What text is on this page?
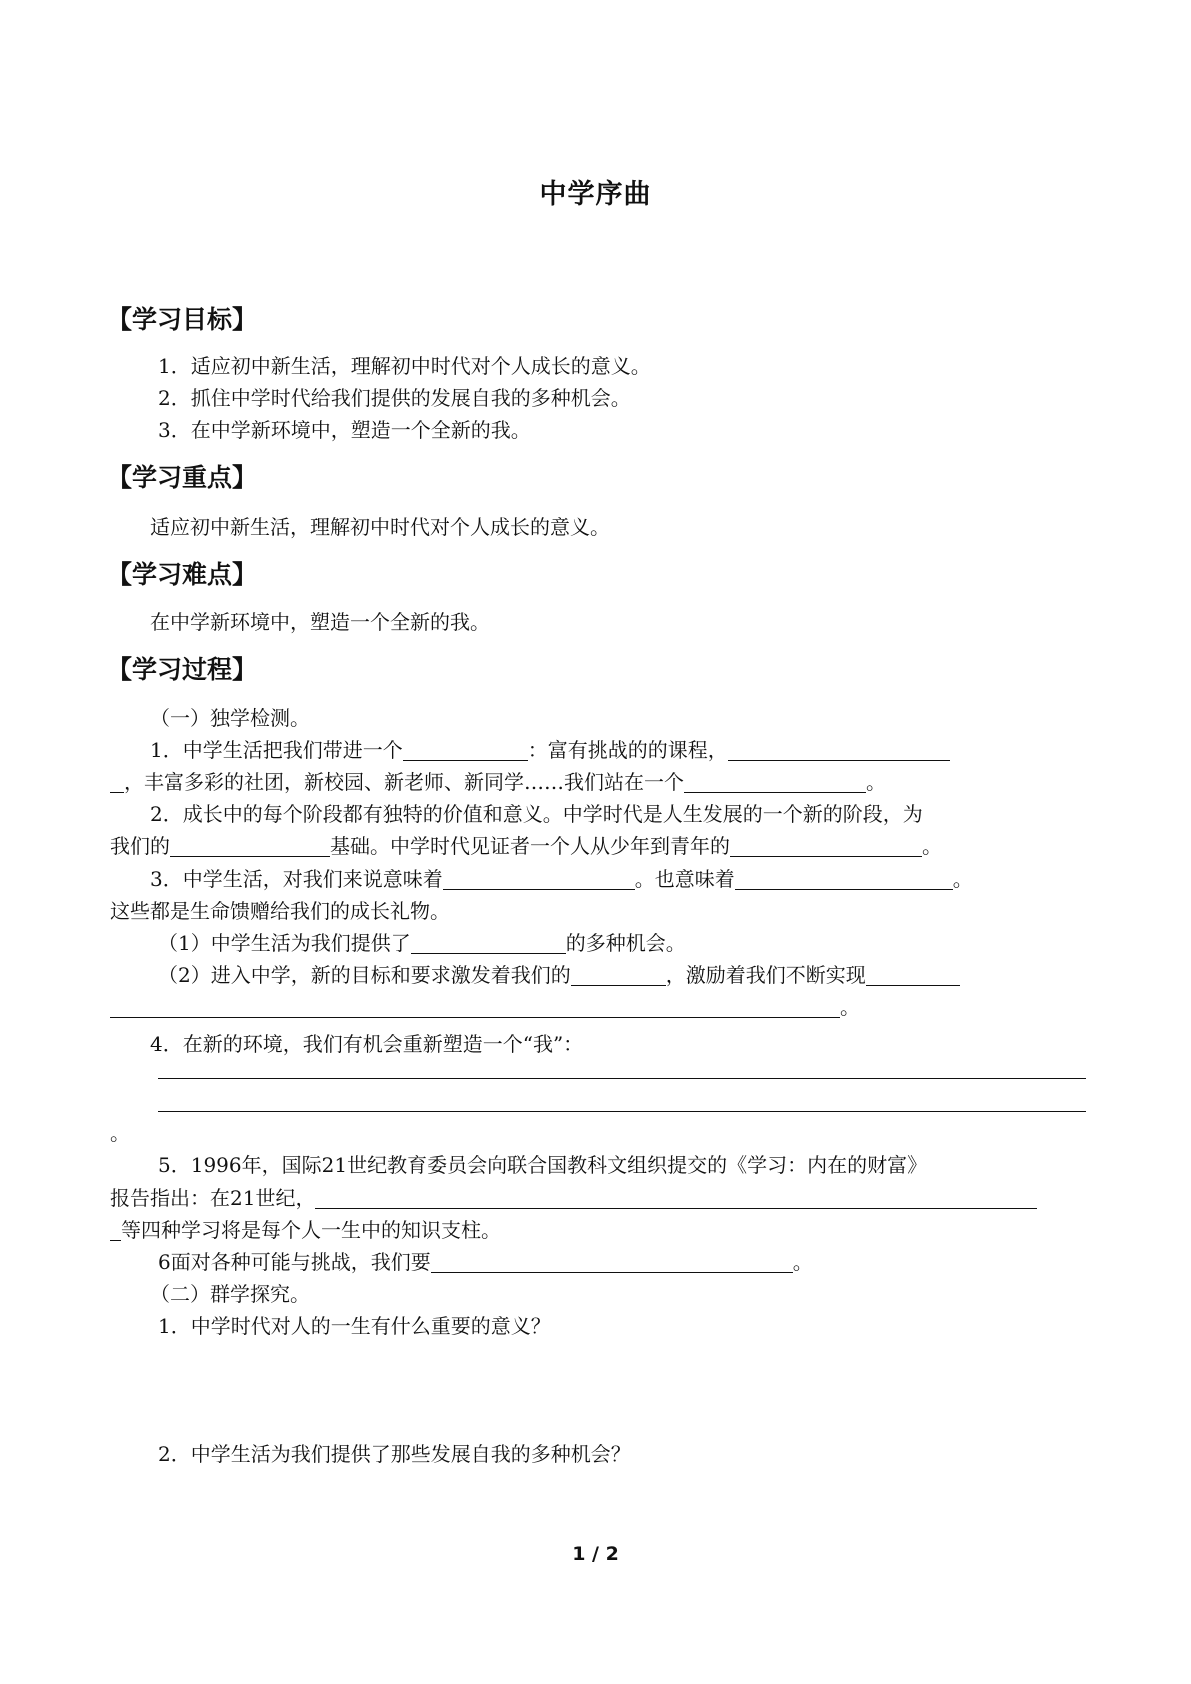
中学序曲
【学习目标】
1．适应初中新生活，理解初中时代对个人成长的意义。
2．抓住中学时代给我们提供的发展自我的多种机会。
3．在中学新环境中，塑造一个全新的我。
【学习重点】
适应初中新生活，理解初中时代对个人成长的意义。
【学习难点】
在中学新环境中，塑造一个全新的我。
【学习过程】
（一）独学检测。
1．中学生活把我们带进一个	：富有挑战的的课程，
，丰富多彩的社团，新校园、新老师、新同学……我们站在一个	。
2．成长中的每个阶段都有独特的价值和意义。中学时代是人生发展的一个新的阶段，为
我们的	基础。中学时代见证者一个人从少年到青年的	。
3．中学生活，对我们来说意味着	。也意味着	。
这些都是生命馈赠给我们的成长礼物。
（1）中学生活为我们提供了	的多种机会。
（2）进入中学，新的目标和要求激发着我们的	，激励着我们不断实现
。
4．在新的环境，我们有机会重新塑造一个“我”：
。
5．1996年，国际21世纪教育委员会向联合国教科文组织提交的《学习：内在的财富》
报告指出：在21世纪，
等四种学习将是每个人一生中的知识支柱。
6面对各种可能与挑战，我们要	。
（二）群学探究。
1．中学时代对人的一生有什么重要的意义？
2．中学生活为我们提供了那些发展自我的多种机会？
1 / 2
